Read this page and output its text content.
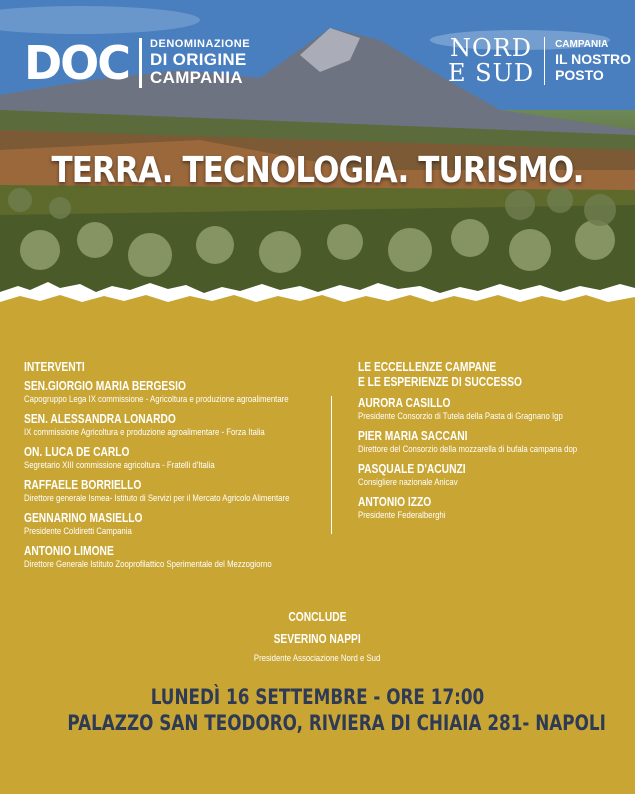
DOC DENOMINAZIONE
DI ORIGINE
CAMPANIA
NORD
E SUD
CAMPANIA
IL NOSTRO
POSTO
TERRA. TECNOLOGIA. TURISMO.
INTERVENTI
SEN.GIORGIO MARIA BERGESIO
Capogruppo Lega IX commissione - Agricoltura e produzione agroalimentare
SEN. ALESSANDRA LONARDO
IX commissione Agricoltura e produzione agroalimentare - Forza Italia
ON. LUCA DE CARLO
Segretario XIII commissione agricoltura - Fratelli d'Italia
RAFFAELE BORRIELLO
Direttore generale Ismea- Istituto di Servizi per il Mercato Agricolo Alimentare
GENNARINO MASIELLO
Presidente Coldiretti Campania
ANTONIO LIMONE
Direttore Generale Istituto Zooprofilattico Sperimentale del Mezzogiorno
LE ECCELLENZE CAMPANE
E LE ESPERIENZE DI SUCCESSO
AURORA CASILLO
Presidente Consorzio di Tutela della Pasta di Gragnano Igp
PIER MARIA SACCANI
Direttore del Consorzio della mozzarella di bufala campana dop
PASQUALE D'ACUNZI
Consigliere nazionale Anicav
ANTONIO IZZO
Presidente Federalberghi
CONCLUDE
SEVERINO NAPPI
Presidente Associazione Nord e Sud
LUNEDÌ 16 SETTEMBRE - ORE 17:00
PALAZZO SAN TEODORO, RIVIERA DI CHIAIA 281- NAPOLI
